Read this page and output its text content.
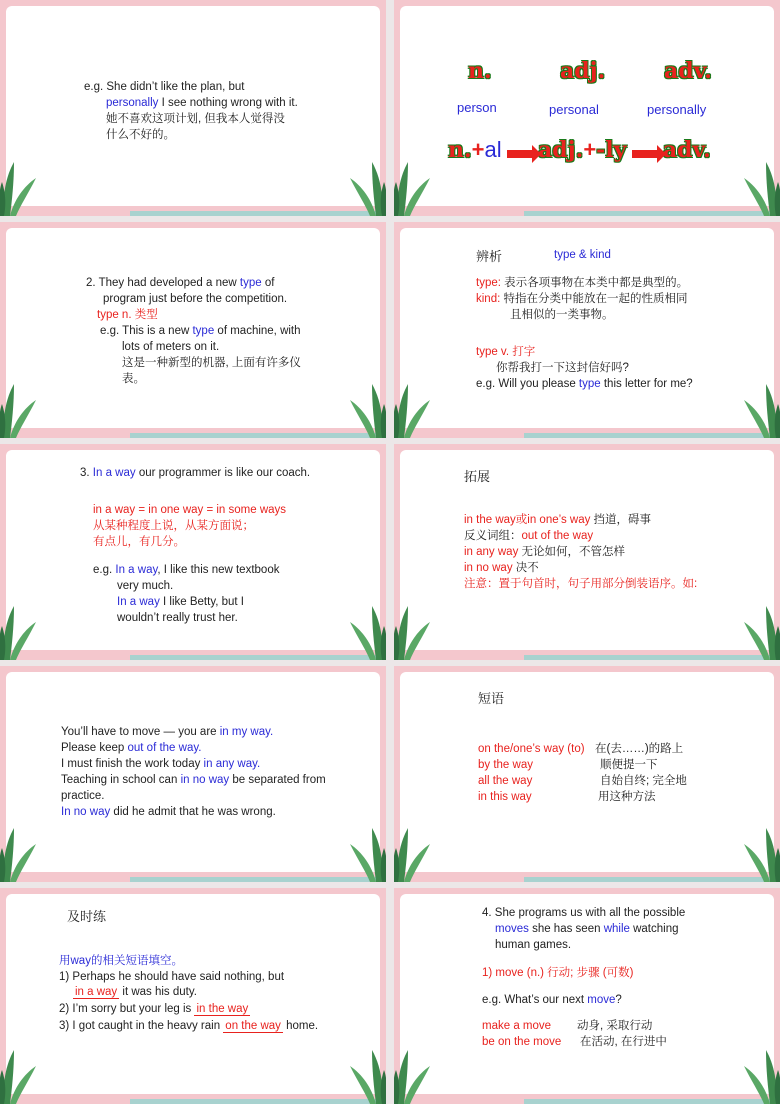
e.g. She didn’t like the plan, but
personally I see nothing wrong with it.
她不喜欢这项计划, 但我本人觉得没
什么不好的。
n.	adj.	adv.
person	personal	personally
n.+al adj.+-ly adv.
2. They had developed a new type of
program just before the competition.
type n. 类型
e.g. This is a new type of machine, with
lots of meters on it.
这是一种新型的机器, 上面有许多仪
表。
辨析	type & kind
type: 表示各项事物在本类中都是典型的。
kind: 特指在分类中能放在一起的性质相同
且相似的一类事物。
type v. 打字
你帮我打一下这封信好吗?
e.g. Will you please type this letter for me?
3. In a way our programmer is like our coach.
in a way = in one way = in some ways
从某种程度上说，从某方面说；
有点儿，有几分。
e.g. In a way, I like this new textbook
very much.
In a way I like Betty, but I
wouldn’t really trust her.
拓展
in the way或in one’s way 挡道，碍事
反义词组：out of the way
in any way 无论如何，不管怎样
in no way 决不
注意：置于句首时，句子用部分倒装语序。如:
You’ll have to move — you are in my way.
Please keep out of the way.
I must finish the work today in any way.
Teaching in school can in no way be separated from
practice.
In no way did he admit that he was wrong.
短语
on the/one’s way (to) 在(去……)的路上
by the way	顺便提一下
all the way	自始自终; 完全地
in this way	用这种方法
及时练
用way的相关短语填空。
1) Perhaps he should have said nothing, but
in a way it was his duty.
2) I’m sorry but your leg is in the way
3) I got caught in the heavy rain on the way home.
4. She programs us with all the possible
moves she has seen while watching
human games.
1) move (n.) 行动; 步骤 (可数)
e.g. What’s our next move?
make a move 动身, 采取行动
be on the move 在活动, 在行进中
